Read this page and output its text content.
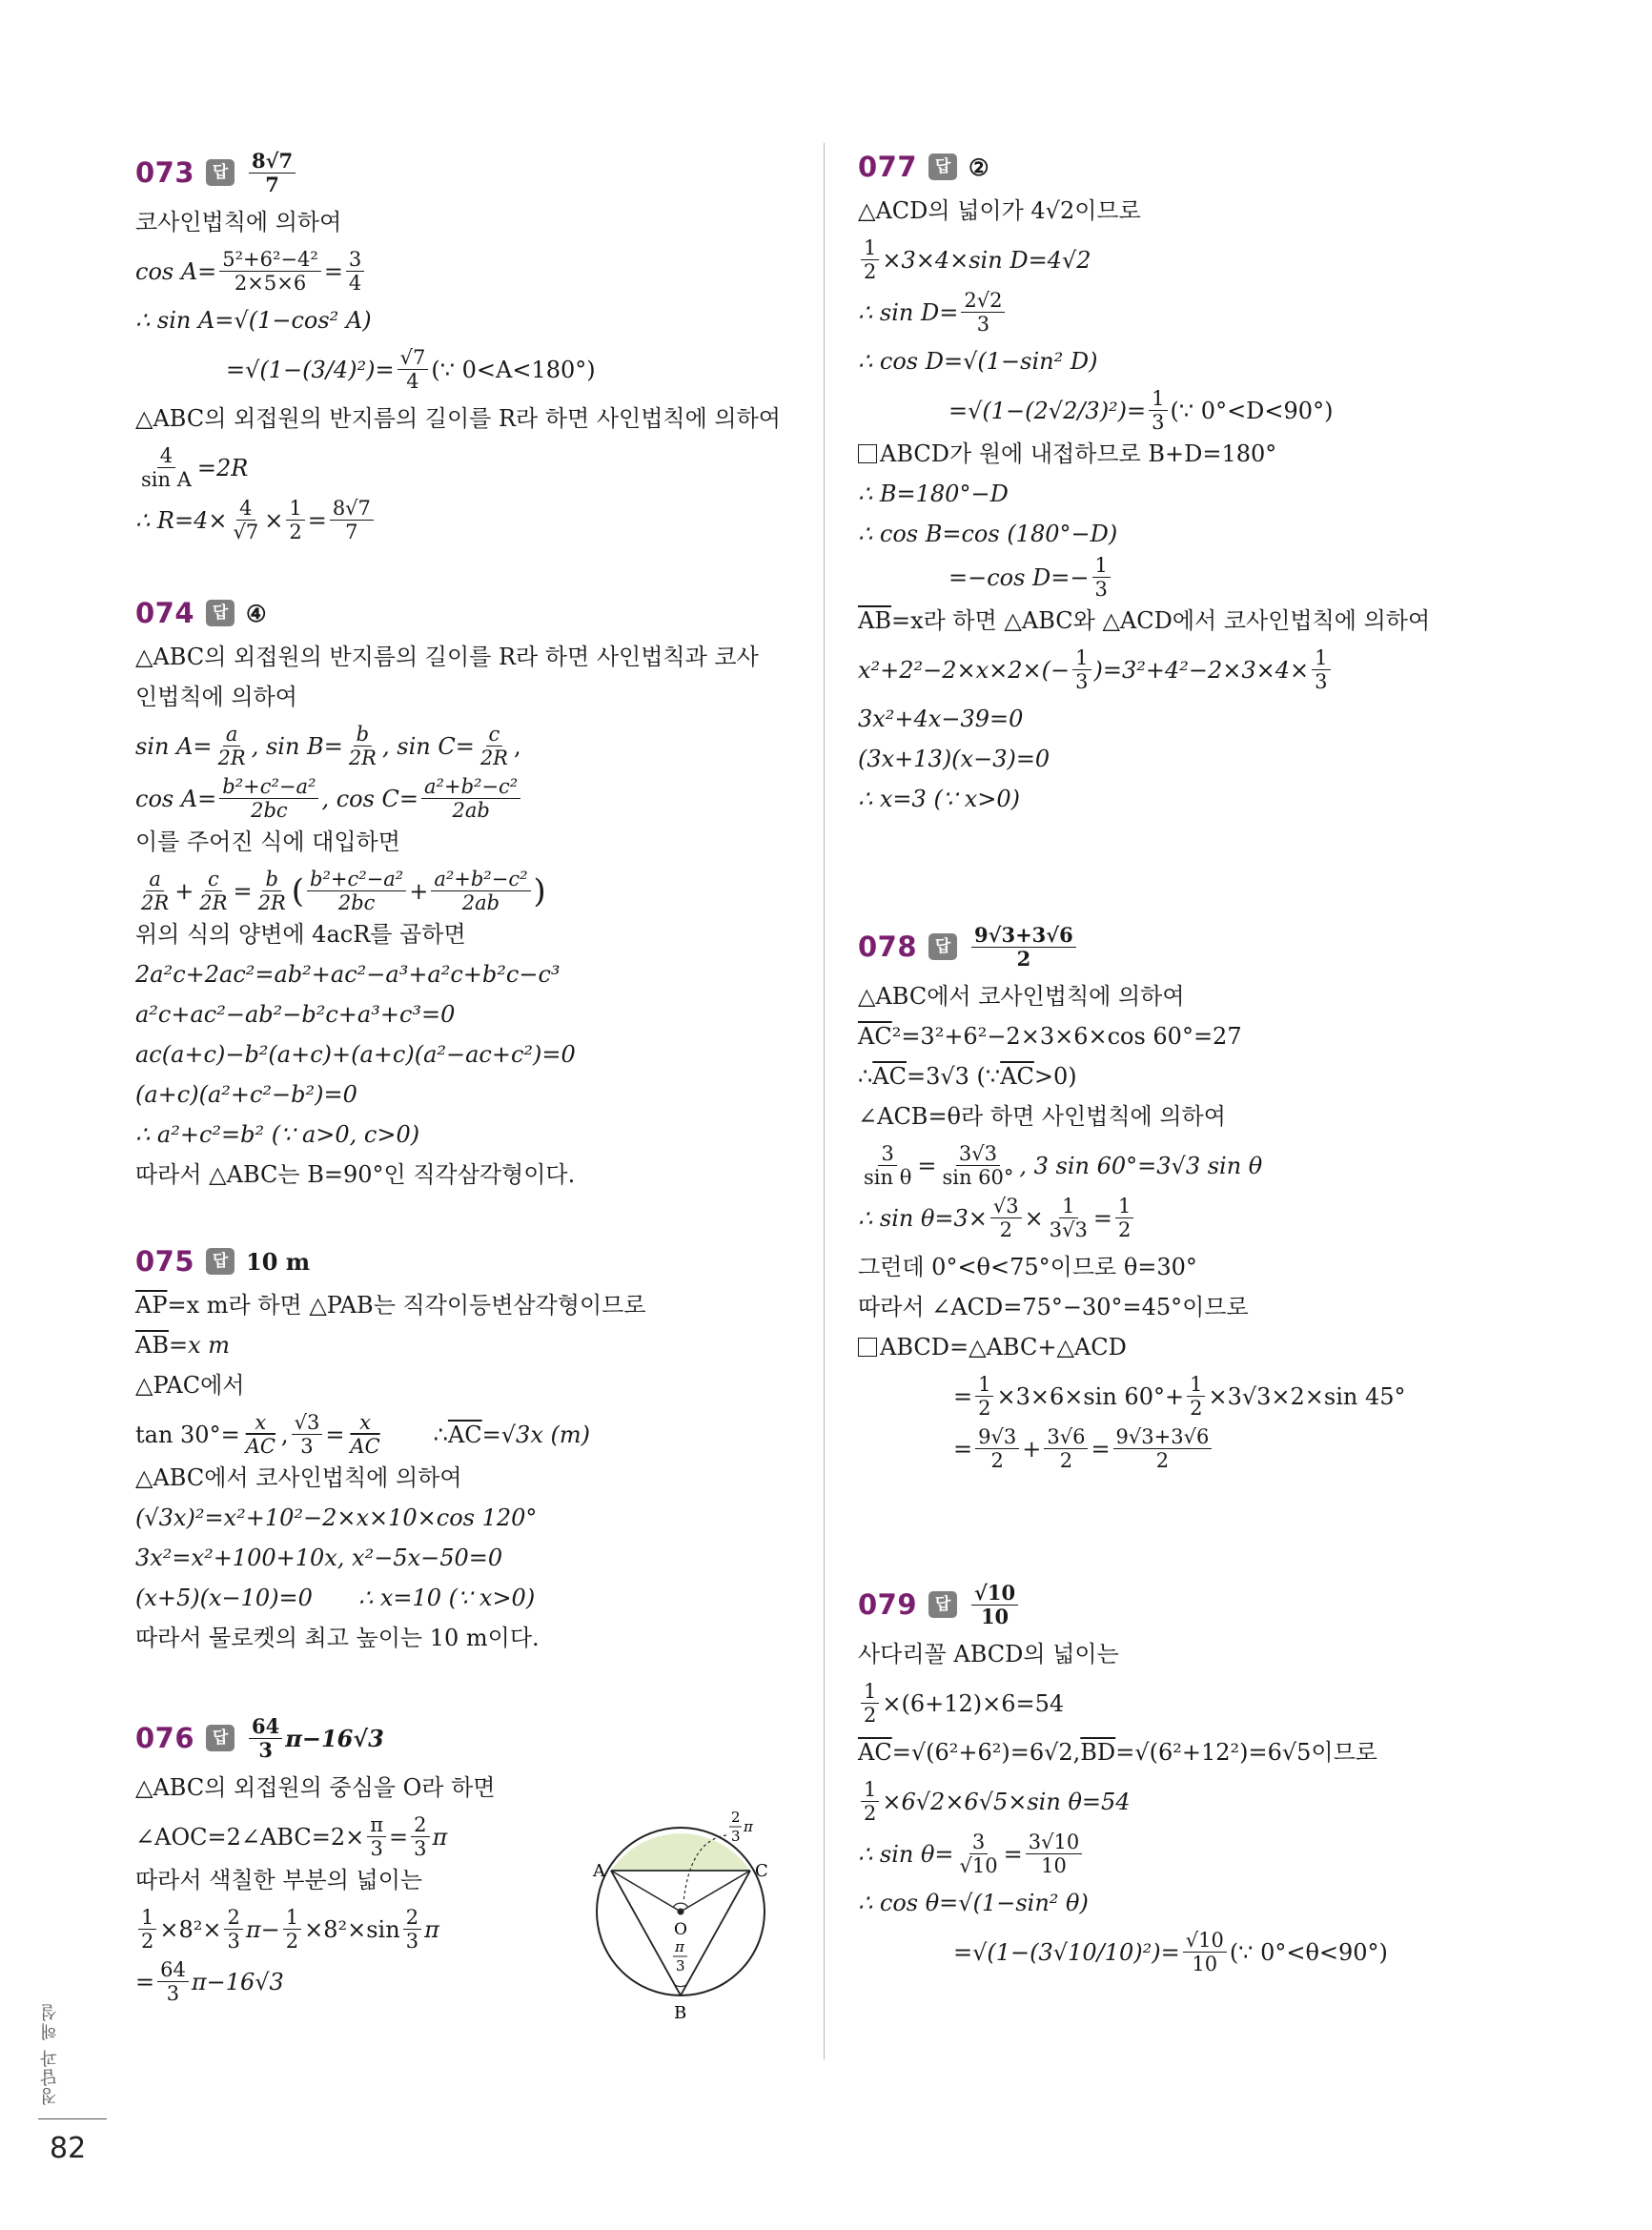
073	답	$\frac{8√7}{7}$
코사인법칙에 의하여
$\cos A= \frac{\text{5²+6²−4²}}{2\times 5\times 6} = \frac{3}{4}$
∴ sin A=√(1−cos² A)
$=√(1-(3/4)^2)= \frac{√7}{4}$ (∵ 0<A<180°)
△ABC의 외접원의 반지름의 길이를 R라 하면 사인법칙에 의하여
$\frac{4}{\text{sin A}} =2R$
∴ $R=4\times \frac{4}{√7} \times \frac{1}{2} = \frac{8√7}{7}$
074	답 ④
△ABC의 외접원의 반지름의 길이를 R라 하면 사인법칙과 코사
인법칙에 의하여
$\sin A= \frac{a}{2R}$ , $\sin B= \frac{b}{2R}$ , $\sin C= \frac{c}{2R}$ ,
$\cos A= \frac{\text{b²+c²−a²}}{2bc}$ , $\cos C= \frac{\text{a²+b²−c²}}{2ab}$
이를 주어진 식에 대입하면
$\frac{a}{2R} + \frac{c}{2R} = \frac{b}{2R}$ ( $\frac{\text{b²+c²−a²}}{2bc} + \frac{\text{a²+b²−c²}}{2ab}$ )
위의 식의 양변에 4acR를 곱하면
2a²c+2ac²=ab²+ac²−a³+a²c+b²c−c³
a²c+ac²−ab²−b²c+a³+c³=0
ac(a+c)−b²(a+c)+(a+c)(a²−ac+c²)=0
(a+c)(a²+c²−b²)=0
∴ a²+c²=b² (∵ a>0, c>0)
따라서 △ABC는 B=90°인 직각삼각형이다.
075	답 10 m
$\overline{AP} =x$ m라 하면 △PAB는 직각이등변삼각형이므로
$\overline{AB} =x$ m
△PAC에서
$\tan 30^\circ= \frac{x}{AC}$ , $\frac{√3}{3} = \frac{x}{AC}$ ∴ $\overline{AC} =√3x$ (m)
△ABC에서 코사인법칙에 의하여
(√3x)²=x²+10²−2×x×10×cos 120°
3x²=x²+100+10x, x²−5x−50=0
(x+5)(x−10)=0 ∴ x=10 (∵ x>0)
따라서 물로켓의 최고 높이는 10 m이다.
076	답	$\frac{64}{3} \pi-16√3$
△ABC의 외접원의 중심을 O라 하면
∠AOC=2∠ABC=2× $\frac{\pi}{3} = \frac{2}{3}$ π
따라서 색칠한 부분의 넓이는
$\frac{1}{2} \times 8^2\times \frac{2}{3} \pi- \frac{1}{2} \times 8^2\times\sin \frac{2}{3}$ π
= $\frac{64}{3} \pi-16√3$
A	C
B
O
2
3
π
π
3
077	답 ②
△ACD의 넓이가 4√2이므로
$\frac{1}{2} \times 3\times 4\times\sin$ D=4√2
∴ $\sin D= \frac{2√2}{3}$
∴ cos D=√(1−sin² D)
$=√(1-(2√2/3)^2)= \frac{1}{3}$ (∵ 0°<D<90°)
ABCD가 원에 내접하므로 B+D=180°
∴ B=180°−D
∴ cos B=cos (180°−D)
=−cos $D=- \frac{1}{3}$
$\overline{AB} =x$라 하면 △ABC와 △ACD에서 코사인법칙에 의하여
$x^2+2^2-2\times x\times 2\times(- \frac{1}{3} )=3^2+4^2-2\times 3\times 4\times \frac{1}{3}$
3x²+4x−39=0
(3x+13)(x−3)=0
∴ x=3 (∵ x>0)
078	답	$\frac{9√3+3√6}{2}$
△ABC에서 코사인법칙에 의하여
$\overline{AC}$ ²=3²+6²−2×3×6×cos 60°=27
∴ $\overline{AC} =3√3$ (∵ $\overline{AC} >0$)
∠ACB=θ라 하면 사인법칙에 의하여
$\frac{3}{\text{sin θ}} = \frac{3√3}{\sin 60^\circ}$ , 3 sin 60°=3√3 sin θ
∴ $\sin \theta=3\times \frac{√3}{2} \times \frac{1}{3√3} = \frac{1}{2}$
그런데 0°<θ<75°이므로 θ=30°
따라서 ∠ACD=75°−30°=45°이므로
ABCD=△ABC+△ACD
= $\frac{1}{2} \times 3\times 6\times\sin$ $60^\circ+ \frac{1}{2} \times 3√3\times 2\times\sin$ 45°
= $\frac{9√3}{2} + \frac{3√6}{2} = \frac{9√3+3√6}{2}$
079	답	$\frac{√10}{10}$
사다리꼴 ABCD의 넓이는
$\frac{1}{2} \times(6+12)\times 6=54$
$\overline{AC} =√(6^2+6^2)=6√2$, $\overline{BD} =√(6^2+12^2)=6√5$이므로
$\frac{1}{2} \times 6√2\times 6√5\times\sin$ θ=54
∴ $\sin \theta= \frac{3}{√10} = \frac{3√10}{10}$
∴ cos θ=√(1−sin² θ)
$=√(1-(3√10/10)^2)= \frac{√10}{10}$ (∵ 0°<θ<90°)
정답과 해설
82
